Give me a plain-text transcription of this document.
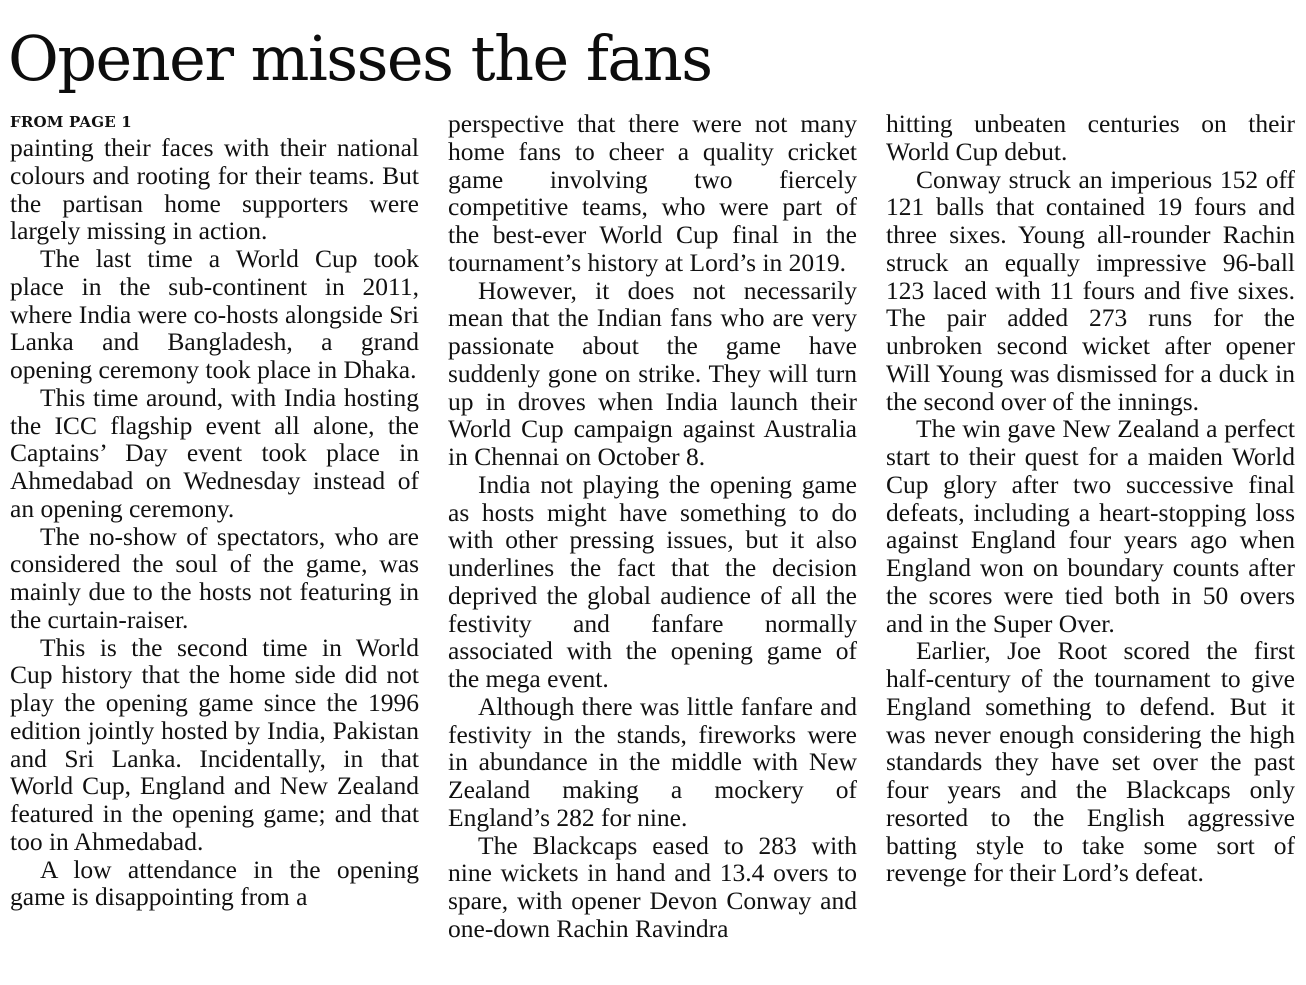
Opener misses the fans
FROM PAGE 1

painting their faces with their national colours and rooting for their teams. But the partisan home supporters were largely missing in action.

The last time a World Cup took place in the sub-continent in 2011, where India were co-hosts alongside Sri Lanka and Bangladesh, a grand opening ceremony took place in Dhaka.

This time around, with India hosting the ICC flagship event all alone, the Captains’ Day event took place in Ahmedabad on Wednesday instead of an opening ceremony.

The no-show of spectators, who are considered the soul of the game, was mainly due to the hosts not featuring in the curtain-raiser.

This is the second time in World Cup history that the home side did not play the opening game since the 1996 edition jointly hosted by India, Pakistan and Sri Lanka. Incidentally, in that World Cup, England and New Zealand featured in the opening game; and that too in Ahmedabad.

A low attendance in the opening game is disappointing from a

perspective that there were not many home fans to cheer a quality cricket game involving two fiercely competitive teams, who were part of the best-ever World Cup final in the tournament’s history at Lord’s in 2019.

However, it does not necessarily mean that the Indian fans who are very passionate about the game have suddenly gone on strike. They will turn up in droves when India launch their World Cup campaign against Australia in Chennai on October 8.

India not playing the opening game as hosts might have something to do with other pressing issues, but it also underlines the fact that the decision deprived the global audience of all the festivity and fanfare normally associated with the opening game of the mega event.

Although there was little fanfare and festivity in the stands, fireworks were in abundance in the middle with New Zealand making a mockery of England’s 282 for nine.

The Blackcaps eased to 283 with nine wickets in hand and 13.4 overs to spare, with opener Devon Conway and one-down Rachin Ravindra

hitting unbeaten centuries on their World Cup debut.

Conway struck an imperious 152 off 121 balls that contained 19 fours and three sixes. Young all-rounder Rachin struck an equally impressive 96-ball 123 laced with 11 fours and five sixes. The pair added 273 runs for the unbroken second wicket after opener Will Young was dismissed for a duck in the second over of the innings.

The win gave New Zealand a perfect start to their quest for a maiden World Cup glory after two successive final defeats, including a heart-stopping loss against England four years ago when England won on boundary counts after the scores were tied both in 50 overs and in the Super Over.

Earlier, Joe Root scored the first half-century of the tournament to give England something to defend. But it was never enough considering the high standards they have set over the past four years and the Blackcaps only resorted to the English aggressive batting style to take some sort of revenge for their Lord’s defeat.
